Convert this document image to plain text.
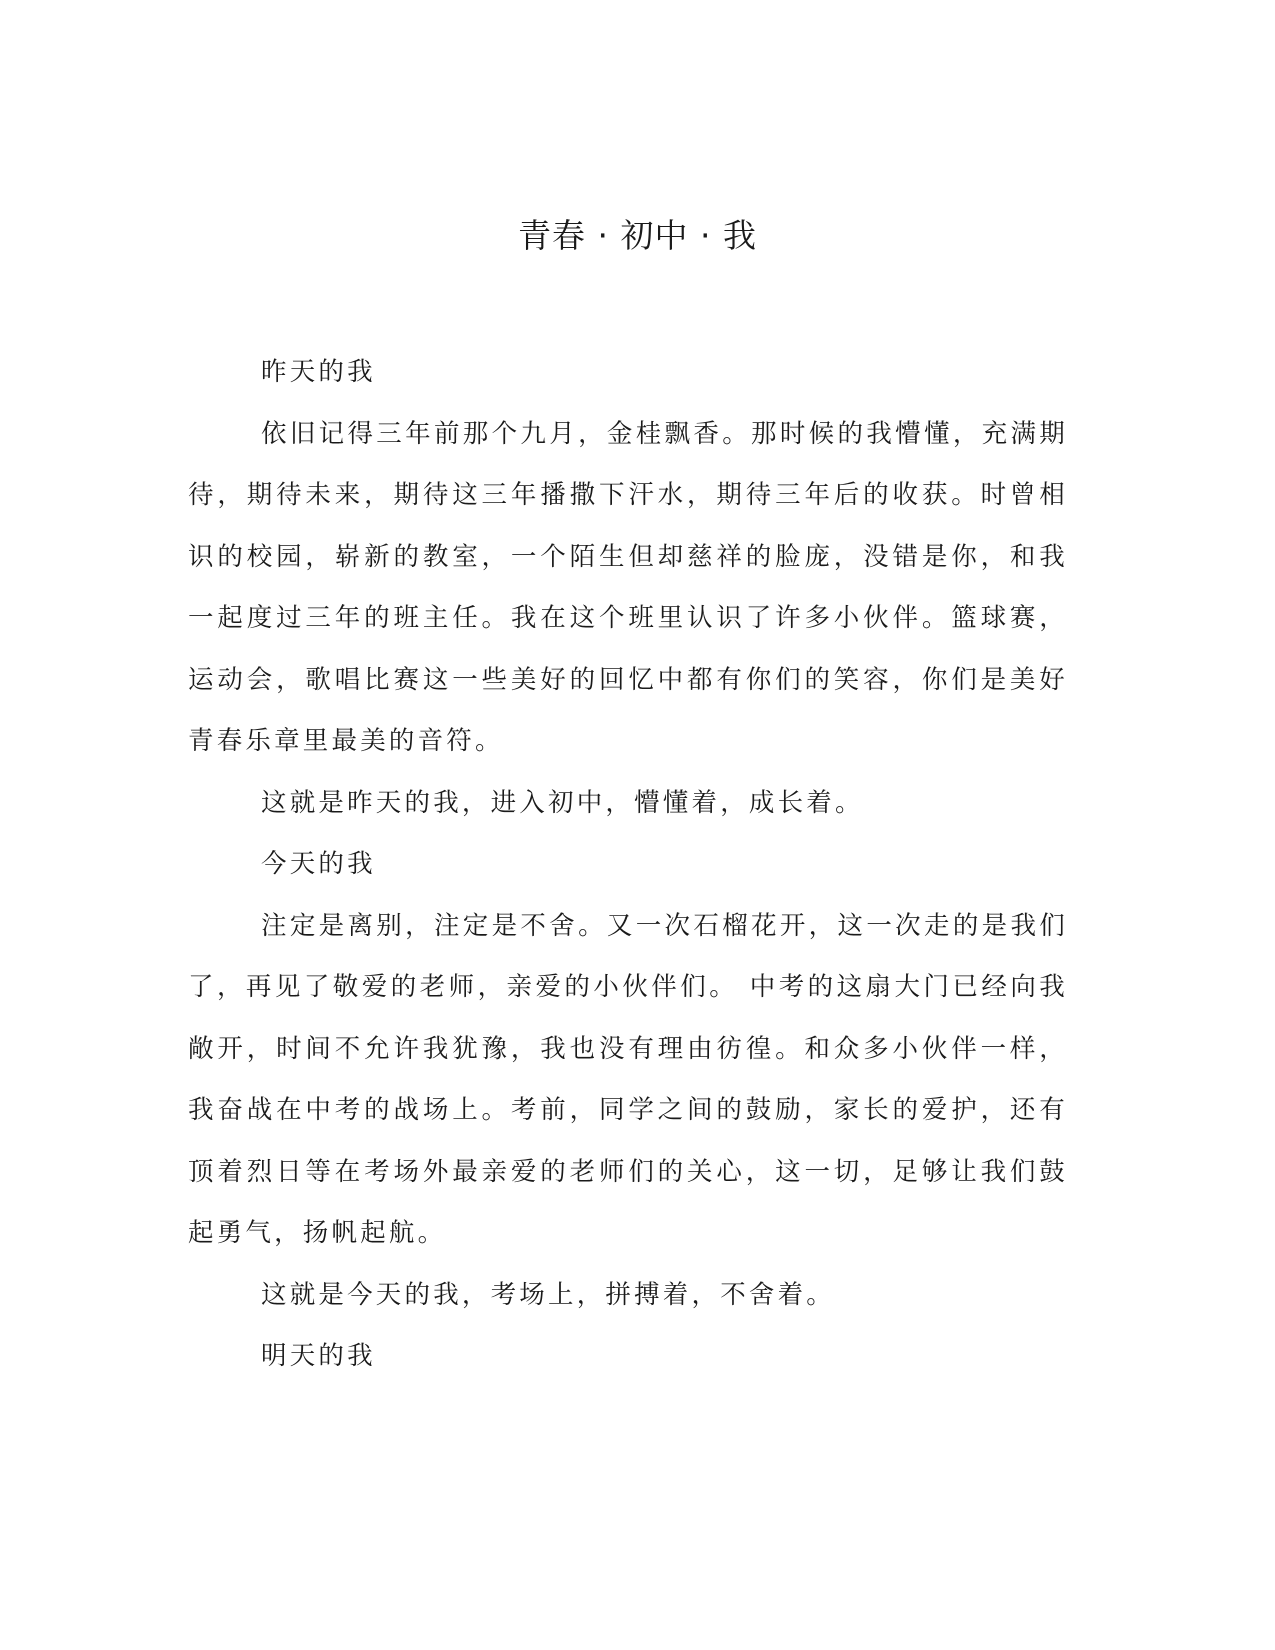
青春 · 初中 · 我

昨天的我

依旧记得三年前那个九月，金桂飘香。那时候的我懵懂，充满期待，期待未来，期待这三年播撒下汗水，期待三年后的收获。时曾相识的校园，崭新的教室，一个陌生但却慈祥的脸庞，没错是你，和我一起度过三年的班主任。我在这个班里认识了许多小伙伴。篮球赛，运动会，歌唱比赛这一些美好的回忆中都有你们的笑容，你们是美好青春乐章里最美的音符。

这就是昨天的我，进入初中，懵懂着，成长着。

今天的我

注定是离别，注定是不舍。又一次石榴花开，这一次走的是我们了，再见了敬爱的老师，亲爱的小伙伴们。 中考的这扇大门已经向我敞开，时间不允许我犹豫，我也没有理由彷徨。和众多小伙伴一样，我奋战在中考的战场上。考前，同学之间的鼓励，家长的爱护，还有顶着烈日等在考场外最亲爱的老师们的关心，这一切，足够让我们鼓起勇气，扬帆起航。

这就是今天的我，考场上，拼搏着，不舍着。

明天的我
